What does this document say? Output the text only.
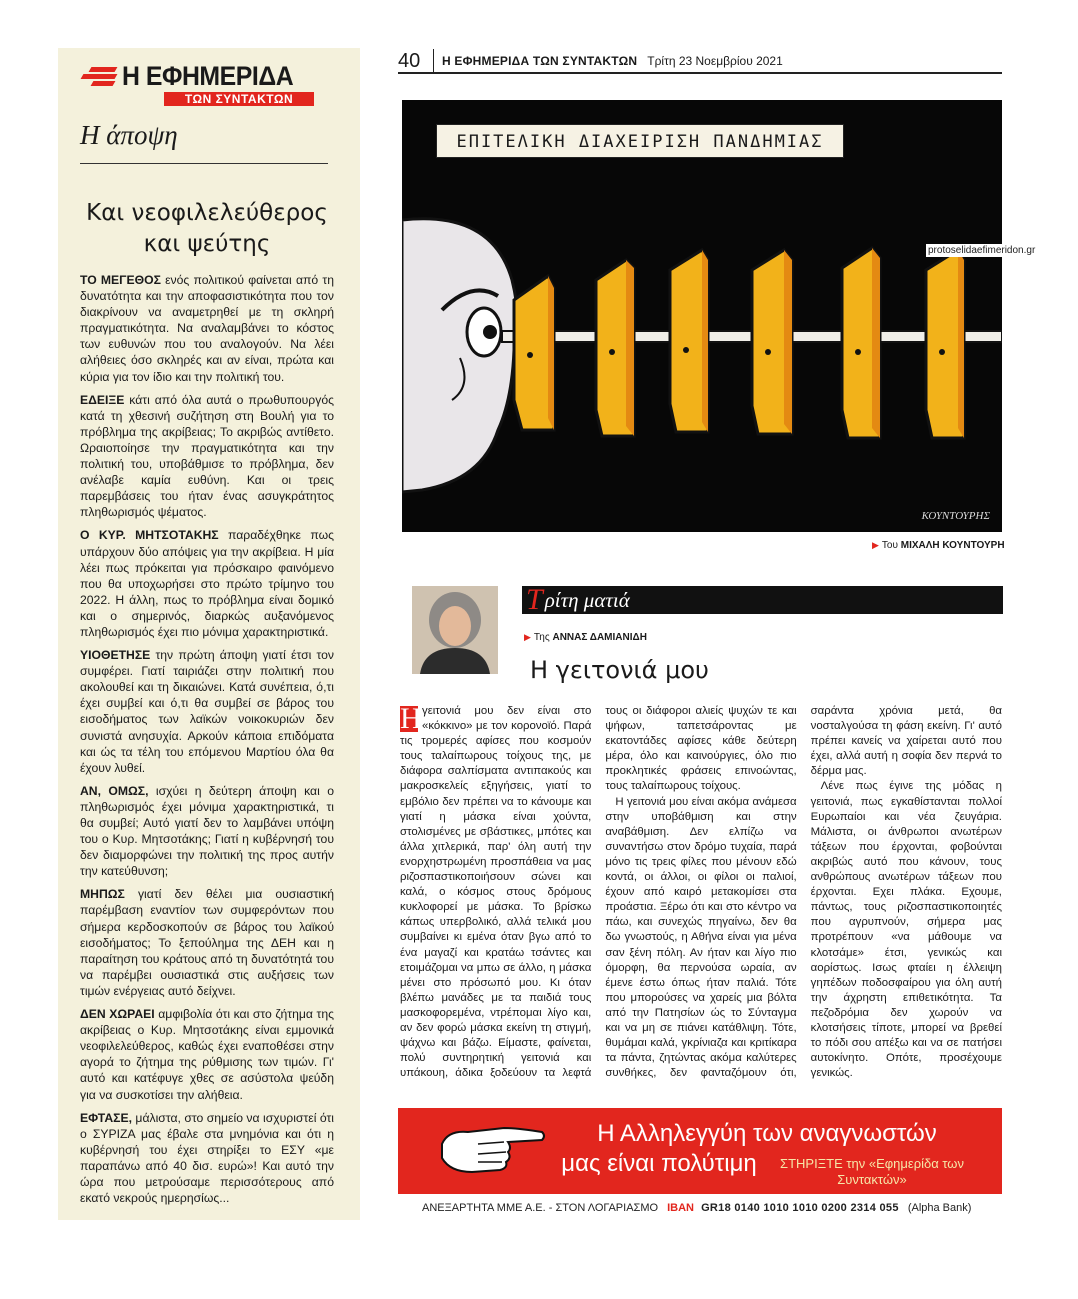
Η ΕΦΗΜΕΡΙΔΑ
ΤΩΝ ΣΥΝΤΑΚΤΩΝ
Η άποψη
Και νεοφιλελεύθερος και ψεύτης

ΤΟ ΜΕΓΕΘΟΣ ενός πολιτικού φαίνεται από τη δυνατότητα και την αποφασιστικότητα που τον διακρίνουν να αναμετρηθεί με τη σκληρή πραγματικότητα. Να αναλαμβάνει το κόστος των ευθυνών που του αναλογούν. Να λέει αλήθειες όσο σκληρές και αν είναι, πρώτα και κύρια για τον ίδιο και την πολιτική του.

ΕΔΕΙΞΕ κάτι από όλα αυτά ο πρωθυπουργός κατά τη χθεσινή συζήτηση στη Βουλή για το πρόβλημα της ακρίβειας; Το ακριβώς αντίθετο. Ωραιοποίησε την πραγματικότητα και την πολιτική του, υποβάθμισε το πρόβλημα, δεν ανέλαβε καμία ευθύνη. Και οι τρεις παρεμβάσεις του ήταν ένας ασυγκράτητος πληθωρισμός ψέματος.

Ο ΚΥΡ. ΜΗΤΣΟΤΑΚΗΣ παραδέχθηκε πως υπάρχουν δύο απόψεις για την ακρίβεια. Η μία λέει πως πρόκειται για πρόσκαιρο φαινόμενο που θα υποχωρήσει στο πρώτο τρίμηνο του 2022. Η άλλη, πως το πρόβλημα είναι δομικό και ο σημερινός, διαρκώς αυξανόμενος πληθωρισμός έχει πιο μόνιμα χαρακτηριστικά.

ΥΙΟΘΕΤΗΣΕ την πρώτη άποψη γιατί έτσι τον συμφέρει. Γιατί ταιριάζει στην πολιτική που ακολουθεί και τη δικαιώνει. Κατά συνέπεια, ό,τι έχει συμβεί και ό,τι θα συμβεί σε βάρος του εισοδήματος των λαϊκών νοικοκυριών δεν συνιστά ανησυχία. Αρκούν κάποια επιδόματα και ώς τα τέλη του επόμενου Μαρτίου όλα θα έχουν λυθεί.

ΑΝ, ΟΜΩΣ, ισχύει η δεύτερη άποψη και ο πληθωρισμός έχει μόνιμα χαρακτηριστικά, τι θα συμβεί; Αυτό γιατί δεν το λαμβάνει υπόψη του ο Κυρ. Μητσοτάκης; Γιατί η κυβέρνησή του δεν διαμορφώνει την πολιτική της προς αυτήν την κατεύθυνση;

ΜΗΠΩΣ γιατί δεν θέλει μια ουσιαστική παρέμβαση εναντίον των συμφερόντων που σήμερα κερδοσκοπούν σε βάρος του λαϊκού εισοδήματος; Το ξεπούλημα της ΔΕΗ και η παραίτηση του κράτους από τη δυνατότητά του να παρέμβει ουσιαστικά στις αυξήσεις των τιμών ενέργειας αυτό δείχνει.

ΔΕΝ ΧΩΡΑΕΙ αμφιβολία ότι και στο ζήτημα της ακρίβειας ο Κυρ. Μητσοτάκης είναι εμμονικά νεοφιλελεύθερος, καθώς έχει εναποθέσει στην αγορά το ζήτημα της ρύθμισης των τιμών. Γι' αυτό και κατέφυγε χθες σε ασύστολα ψεύδη για να συσκοτίσει την αλήθεια.

ΕΦΤΑΣΕ, μάλιστα, στο σημείο να ισχυριστεί ότι ο ΣΥΡΙΖΑ μας έβαλε στα μνημόνια και ότι η κυβέρνησή του έχει στηρίξει το ΕΣΥ «με παραπάνω από 40 δισ. ευρώ»! Και αυτό την ώρα που μετρούσαμε περισσότερους από εκατό νεκρούς ημερησίως...

40	Η ΕΦΗΜΕΡΙΔΑ ΤΩΝ ΣΥΝΤΑΚΤΩΝ Τρίτη 23 Νοεμβρίου 2021
ΚΟΥΝΤΟΥΡΗΣ
ΕΠΙΤΕΛΙΚΗ ΔΙΑΧΕΙΡΙΣΗ ΠΑΝΔΗΜΙΑΣ
protoselidaefimeridon.gr
▶ Του ΜΙΧΑΛΗ ΚΟΥΝΤΟΥΡΗ
Τ ρίτη ματιά
▶ Της ΑΝΝΑΣ ΔΑΜΙΑΝΙΔΗ
Η γειτονιά μου

Η γειτονιά μου δεν είναι στο «κόκκινο» με τον κορονοϊό. Παρά τις τρομερές αφίσες που κοσμούν τους ταλαίπωρους τοίχους της, με διάφορα σαλπίσματα αντιπακούς και μακροσκελείς εξηγήσεις, γιατί το εμβόλιο δεν πρέπει να το κάνουμε και γιατί η μάσκα είναι χούντα, στολισμένες με σβάστικες, μπότες και άλλα χιτλερικά, παρ' όλη αυτή την ενορχηστρωμένη προσπάθεια να μας ριζοσπαστικοποιήσουν σώνει και καλά, ο κόσμος στους δρόμους κυκλοφορεί με μάσκα. Το βρίσκω κάπως υπερβολικό, αλλά τελικά μου συμβαίνει κι εμένα όταν βγω από το ένα μαγαζί και κρατάω τσάντες και ετοιμάζομαι να μπω σε άλλο, η μάσκα μένει στο πρόσωπό μου. Κι όταν βλέπω μανάδες με τα παιδιά τους μασκοφορεμένα, ντρέπομαι λίγο και, αν δεν φορώ μάσκα εκείνη τη στιγμή, ψάχνω και βάζω. Είμαστε, φαίνεται, πολύ συντηρητική γειτονιά και υπάκουη, άδικα ξοδεύουν τα λεφτά τους οι διάφοροι αλιείς ψυχών τε και ψήφων, ταπετσάροντας με εκατοντάδες αφίσες κάθε δεύτερη μέρα, όλο και καινούργιες, όλο πιο προκλητικές φράσεις επινοώντας, τους ταλαίπωρους τοίχους.

Η γειτονιά μου είναι ακόμα ανάμεσα στην υποβάθμιση και στην αναβάθμιση. Δεν ελπίζω να συναντήσω στον δρόμο τυχαία, παρά μόνο τις τρεις φίλες που μένουν εδώ κοντά, οι άλλοι, οι φίλοι οι παλιοί, έχουν από καιρό μετακομίσει στα προάστια. Ξέρω ότι και στο κέντρο να πάω, και συνεχώς πηγαίνω, δεν θα δω γνωστούς, η Αθήνα είναι για μένα σαν ξένη πόλη. Αν ήταν και λίγο πιο όμορφη, θα περνούσα ωραία, αν έμενε έστω όπως ήταν παλιά. Τότε που μπορούσες να χαρείς μια βόλτα από την Πατησίων ώς το Σύνταγμα και να μη σε πιάνει κατάθλιψη. Τότε, θυμάμαι καλά, γκρίνιαζα και κριτίκαρα τα πάντα, ζητώντας ακόμα καλύτερες συνθήκες, δεν φανταζόμουν ότι, σαράντα χρόνια μετά, θα νοσταλγούσα τη φάση εκείνη. Γι' αυτό πρέπει κανείς να χαίρεται αυτό που έχει, αλλά αυτή η σοφία δεν περνά το δέρμα μας.

Λένε πως έγινε της μόδας η γειτονιά, πως εγκαθίστανται πολλοί Ευρωπαίοι και νέα ζευγάρια. Μάλιστα, οι άνθρωποι ανωτέρων τάξεων που έρχονται, φοβούνται ακριβώς αυτό που κάνουν, τους ανθρώπους ανωτέρων τάξεων που έρχονται. Εχει πλάκα. Εχουμε, πάντως, τους ριζοσπαστικοποιητές που αγρυπνούν, σήμερα μας προτρέπουν «να μάθουμε να κλοτσάμε» έτσι, γενικώς και αορίστως. Ισως φταίει η έλλειψη γηπέδων ποδοσφαίρου για όλη αυτή την άχρηστη επιθετικότητα. Τα πεζοδρόμια δεν χωρούν να κλοτσήσεις τίποτε, μπορεί να βρεθεί το πόδι σου απέξω και να σε πατήσει αυτοκίνητο. Οπότε, προσέχουμε γενικώς.

Η Αλληλεγγύη των αναγνωστών
μας είναι πολύτιμη	ΣΤΗΡΙΞΤΕ την «Εφημερίδα των Συντακτών»
ΑΝΕΞΑΡΤΗΤΑ ΜΜΕ Α.Ε. - ΣΤΟΝ ΛΟΓΑΡΙΑΣΜΟ IBAN GR18 0140 1010 1010 0200 2314 055 (Alpha Bank)
